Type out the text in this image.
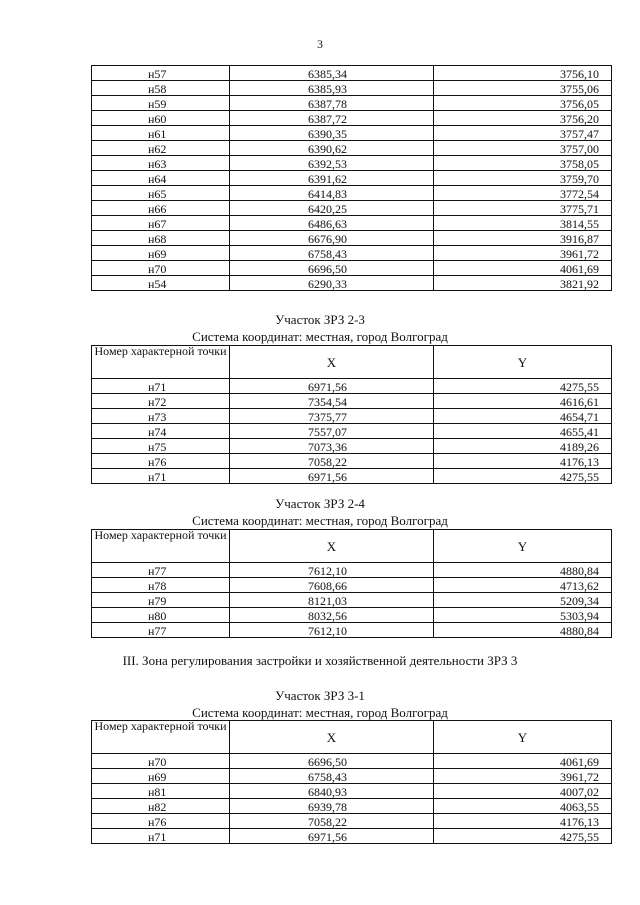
3
н57	6385,34	3756,10
н58	6385,93	3755,06
н59	6387,78	3756,05
н60	6387,72	3756,20
н61	6390,35	3757,47
н62	6390,62	3757,00
н63	6392,53	3758,05
н64	6391,62	3759,70
н65	6414,83	3772,54
н66	6420,25	3775,71
н67	6486,63	3814,55
н68	6676,90	3916,87
н69	6758,43	3961,72
н70	6696,50	4061,69
н54	6290,33	3821,92
Участок ЗРЗ 2-3
Система координат: местная, город Волгоград
Номер характерной точки	X	Y
н71	6971,56	4275,55
н72	7354,54	4616,61
н73	7375,77	4654,71
н74	7557,07	4655,41
н75	7073,36	4189,26
н76	7058,22	4176,13
н71	6971,56	4275,55
Участок ЗРЗ 2-4
Система координат: местная, город Волгоград
Номер характерной точки	X	Y
н77	7612,10	4880,84
н78	7608,66	4713,62
н79	8121,03	5209,34
н80	8032,56	5303,94
н77	7612,10	4880,84
III. Зона регулирования застройки и хозяйственной деятельности ЗРЗ 3
Участок ЗРЗ 3-1
Система координат: местная, город Волгоград
Номер характерной точки	X	Y
н70	6696,50	4061,69
н69	6758,43	3961,72
н81	6840,93	4007,02
н82	6939,78	4063,55
н76	7058,22	4176,13
н71	6971,56	4275,55
